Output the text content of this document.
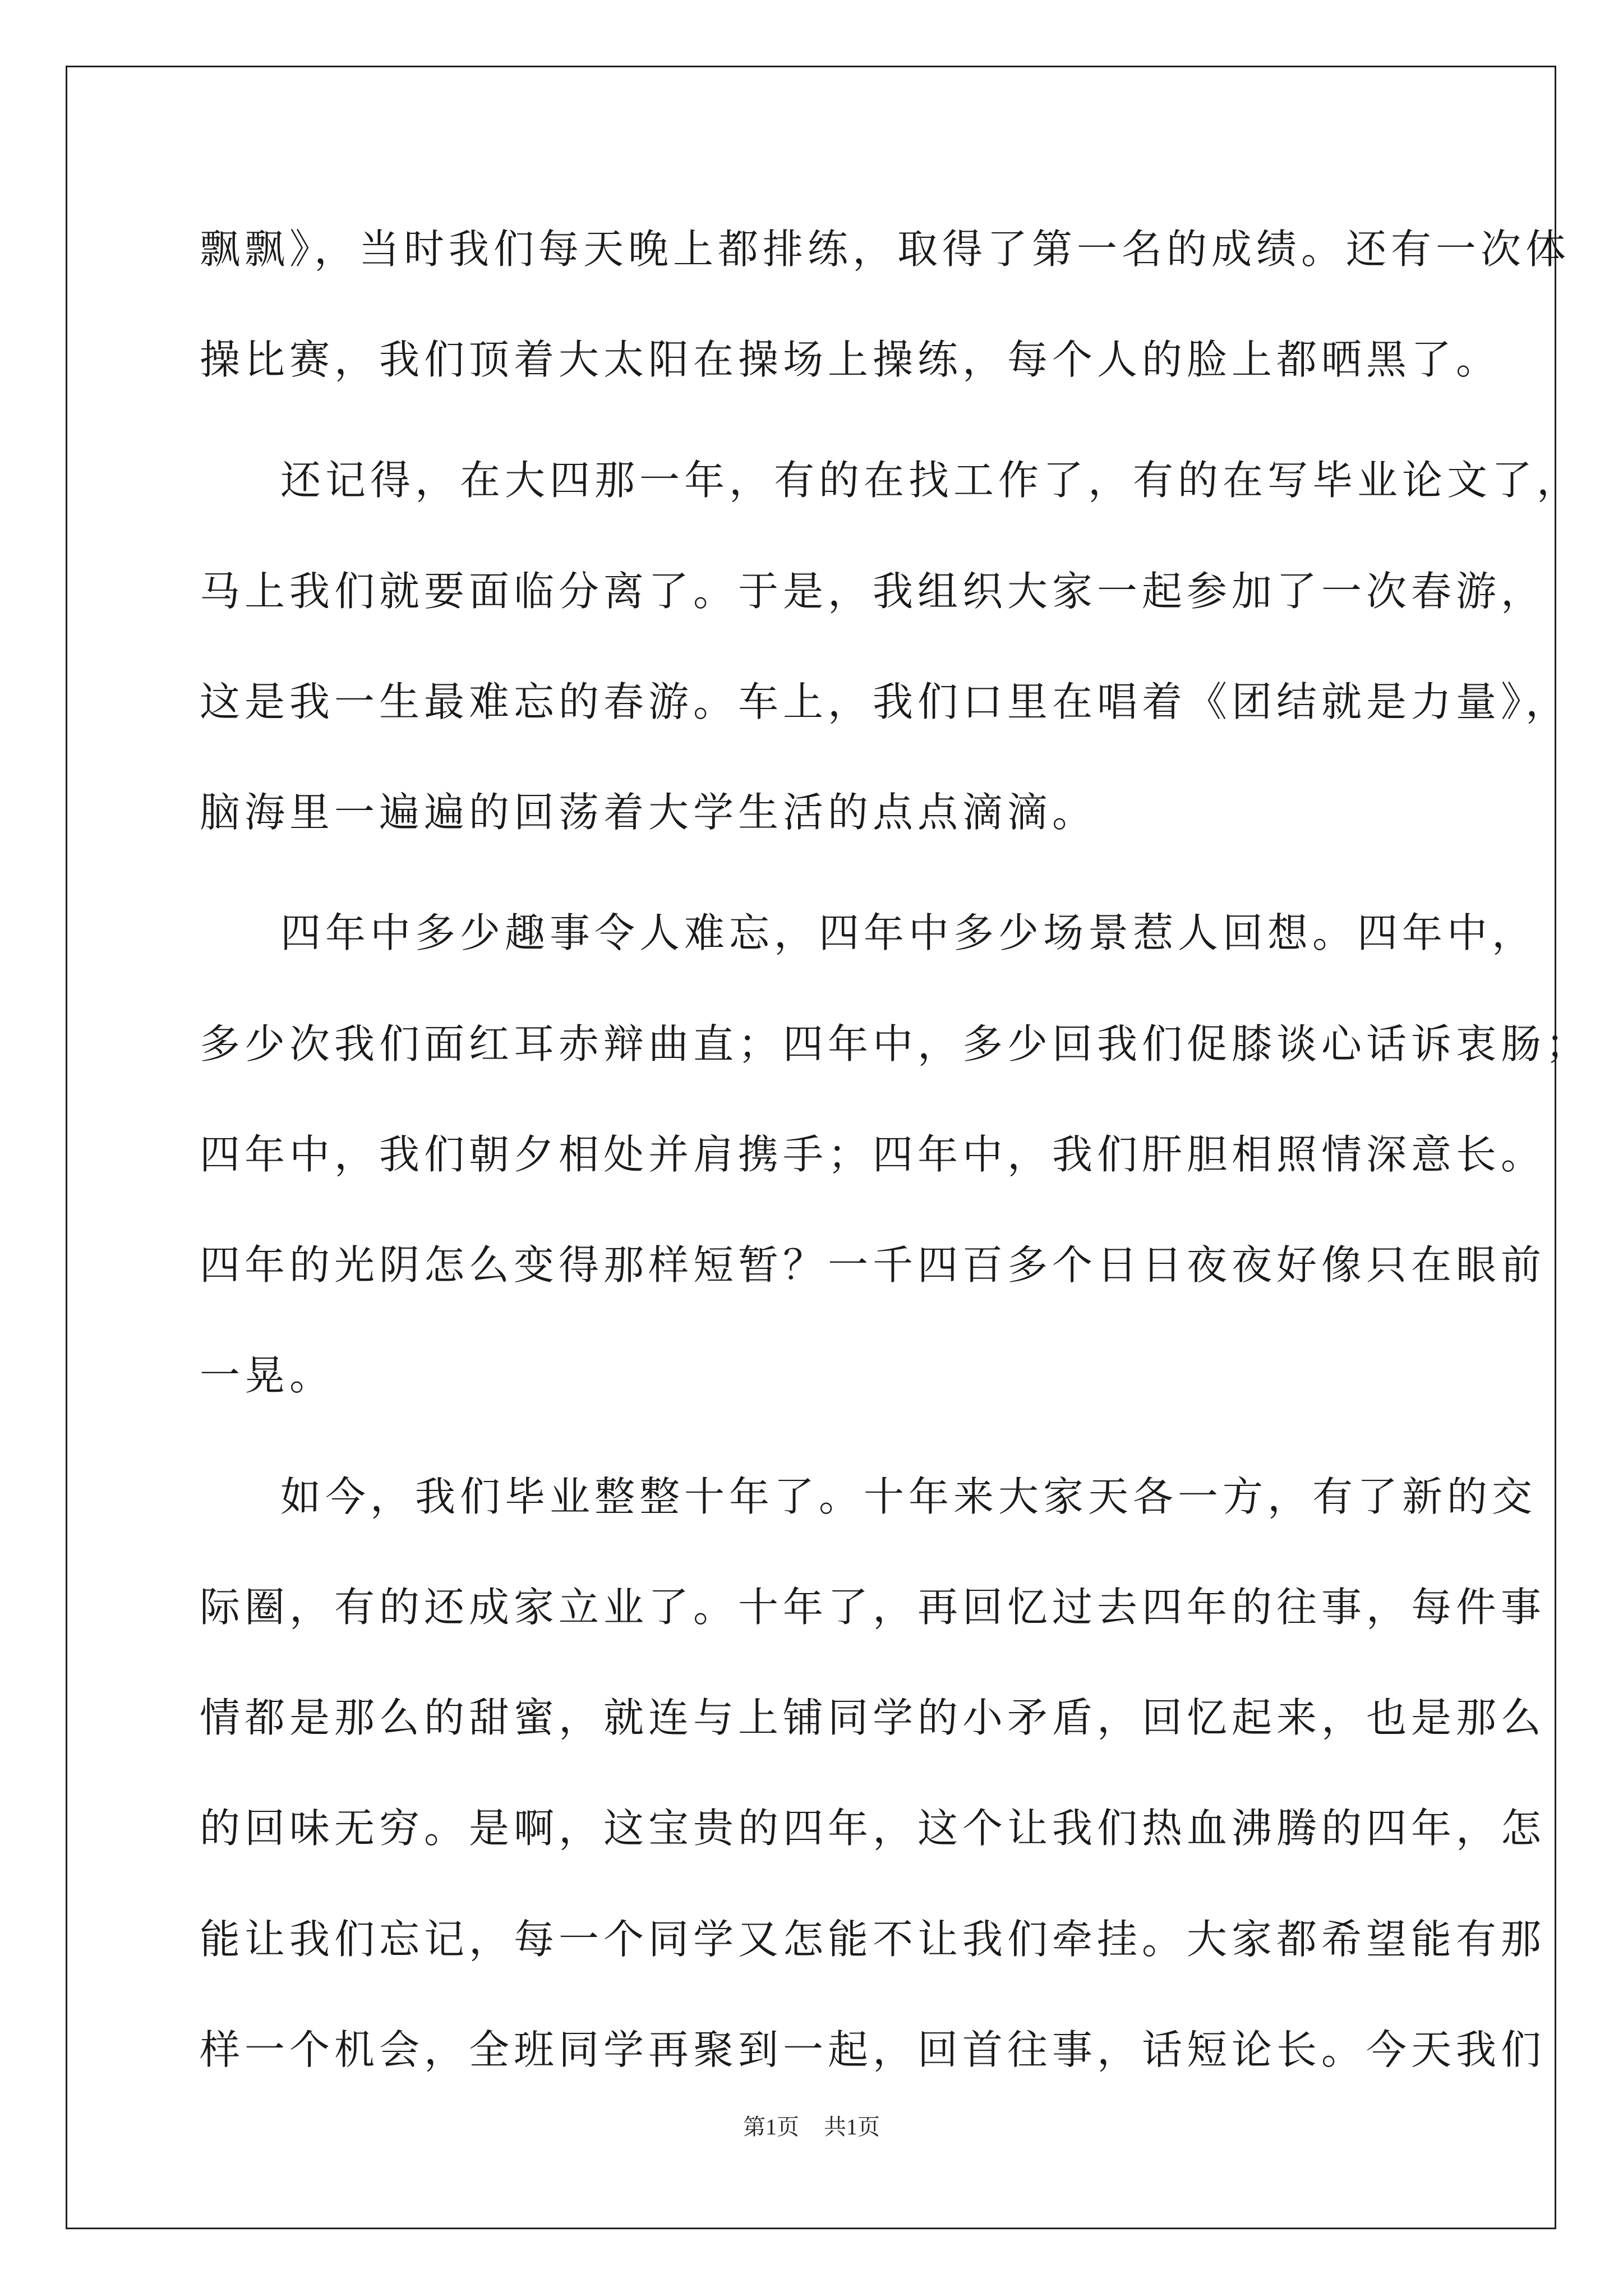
飘飘》，当时我们每天晚上都排练，取得了第一名的成绩。还有一次体
操比赛，我们顶着大太阳在操场上操练，每个人的脸上都晒黑了。
还记得，在大四那一年，有的在找工作了，有的在写毕业论文了，
马上我们就要面临分离了。于是，我组织大家一起参加了一次春游，
这是我一生最难忘的春游。车上，我们口里在唱着《团结就是力量》，
脑海里一遍遍的回荡着大学生活的点点滴滴。
四年中多少趣事令人难忘，四年中多少场景惹人回想。四年中，
多少次我们面红耳赤辩曲直；四年中，多少回我们促膝谈心话诉衷肠；
四年中，我们朝夕相处并肩携手；四年中，我们肝胆相照情深意长。
四年的光阴怎么变得那样短暂？一千四百多个日日夜夜好像只在眼前
一晃。
如今，我们毕业整整十年了。十年来大家天各一方，有了新的交
际圈，有的还成家立业了。十年了，再回忆过去四年的往事，每件事
情都是那么的甜蜜，就连与上铺同学的小矛盾，回忆起来，也是那么
的回味无穷。是啊，这宝贵的四年，这个让我们热血沸腾的四年，怎
能让我们忘记，每一个同学又怎能不让我们牵挂。大家都希望能有那
样一个机会，全班同学再聚到一起，回首往事，话短论长。今天我们
第1页 共1页
